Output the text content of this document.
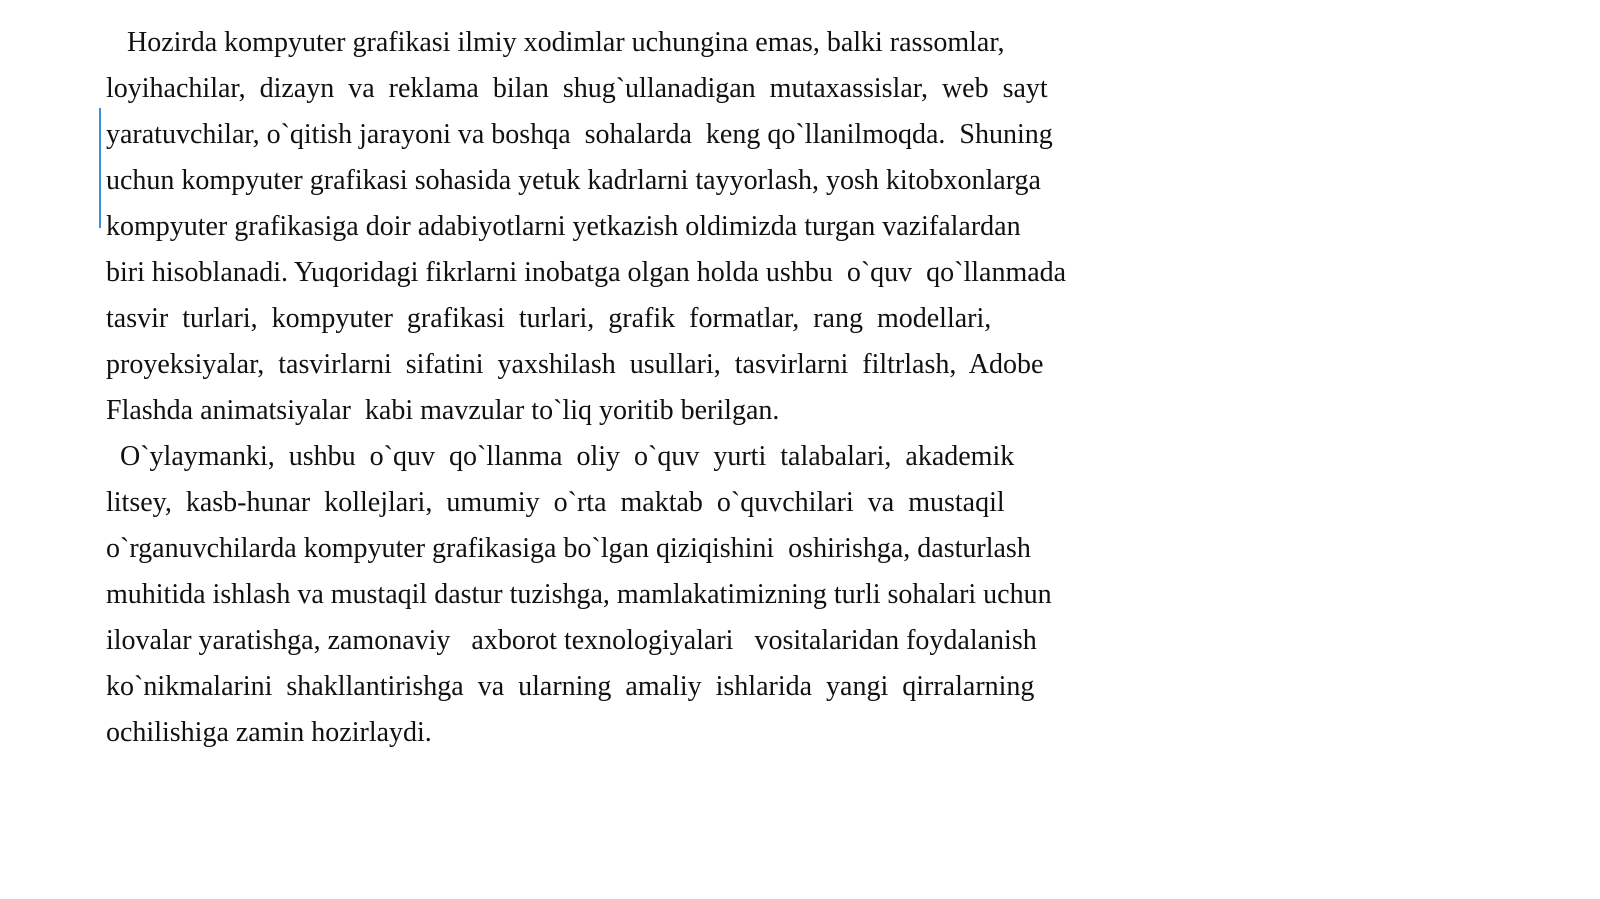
Hozirda kompyuter grafikasi ilmiy xodimlar uchungina emas, balki rassomlar,
loyihachilar,  dizayn  va  reklama  bilan  shug`ullanadigan  mutaxassislar,  web  sayt
yaratuvchilar, o`qitish jarayoni va boshqa  sohalarda  keng qo`llanilmoqda.  Shuning
uchun kompyuter grafikasi sohasida yetuk kadrlarni tayyorlash, yosh kitobxonlarga
kompyuter grafikasiga doir adabiyotlarni yetkazish oldimizda turgan vazifalardan
biri hisoblanadi. Yuqoridagi fikrlarni inobatga olgan holda ushbu  o`quv  qo`llanmada
tasvir  turlari,  kompyuter  grafikasi  turlari,  grafik  formatlar,  rang  modellari,
proyeksiyalar,  tasvirlarni  sifatini  yaxshilash  usullari,  tasvirlarni  filtrlash,  Adobe
Flashda animatsiyalar  kabi mavzular to`liq yoritib berilgan.
O`ylaymanki,  ushbu  o`quv  qo`llanma  oliy  o`quv  yurti  talabalari,  akademik
litsey,  kasb-hunar  kollejlari,  umumiy  o`rta  maktab  o`quvchilari  va  mustaqil
o`rganuvchilarda kompyuter grafikasiga bo`lgan qiziqishini  oshirishga, dasturlash
muhitida ishlash va mustaqil dastur tuzishga, mamlakatimizning turli sohalari uchun
ilovalar yaratishga, zamonaviy   axborot texnologiyalari   vositalaridan foydalanish
ko`nikmalarini  shakllantirishga  va  ularning  amaliy  ishlarida  yangi  qirralarning
ochilishiga zamin hozirlaydi.
